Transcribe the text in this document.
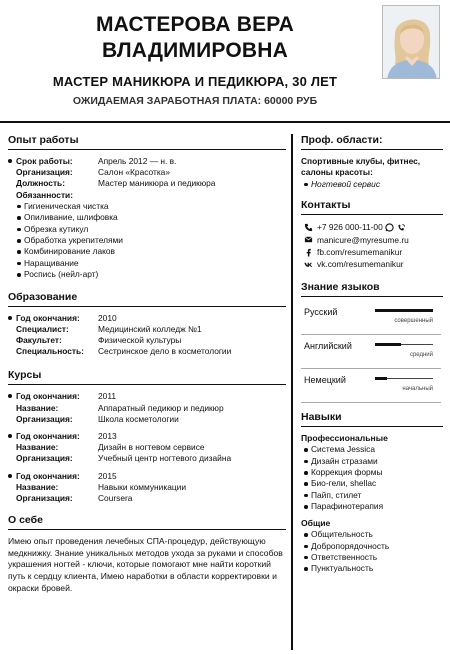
МАСТЕРОВА ВЕРА
ВЛАДИМИРОВНА
МАСТЕР МАНИКЮРА И ПЕДИКЮРА, 30 ЛЕТ
ОЖИДАЕМАЯ ЗАРАБОТНАЯ ПЛАТА: 60000 РУБ
Опыт работы
Срок работы:	Апрель 2012 — н. в.
Организация:	Салон «Красотка»
Должность:	Мастер маникюра и педикюра
Обязанности:
Гигиеническая чистка
Опиливание, шлифовка
Обрезка кутикул
Обработка укрепителями
Комбинирование лаков
Наращивание
Роспись (нейл-арт)
Образование
Год окончания:	2010
Специалист:	Медицинский колледж №1
Факультет:	Физической культуры
Специальность:	Сестринское дело в косметологии
Курсы
Год окончания:	2011
Название:	Аппаратный педикюр и педикюр
Организация:	Школа косметологии
Год окончания:	2013
Название:	Дизайн в ногтевом сервисе
Организация:	Учебный центр ногтевого дизайна
Год окончания:	2015
Название:	Навыки коммуникации
Организация:	Coursera
О себе
Имею опыт проведения лечебных СПА-процедур, действующую медкнижку. Знание уникальных методов ухода за руками и способов украшения ногтей - ключи, которые помогают мне найти короткий путь к сердцу клиента, Имею наработки в области корректировки и окраски бровей.
Проф. области:
Спортивные клубы, фитнес, салоны красоты:
Ногтевой сервис
Контакты
+7 926 000-11-00
manicure@myresume.ru
fb.com/resumemanikur
vk.com/resumemanikur
Знание языков
Русский
совершенный
Английский
средний
Немецкий
начальный
Навыки
Профессиональные
Система Jessica
Дизайн стразами
Коррекция формы
Био-гели, shellac
Пайп, стилет
Парафинотерапия
Общие
Общительность
Добропорядочность
Ответственность
Пунктуальность
